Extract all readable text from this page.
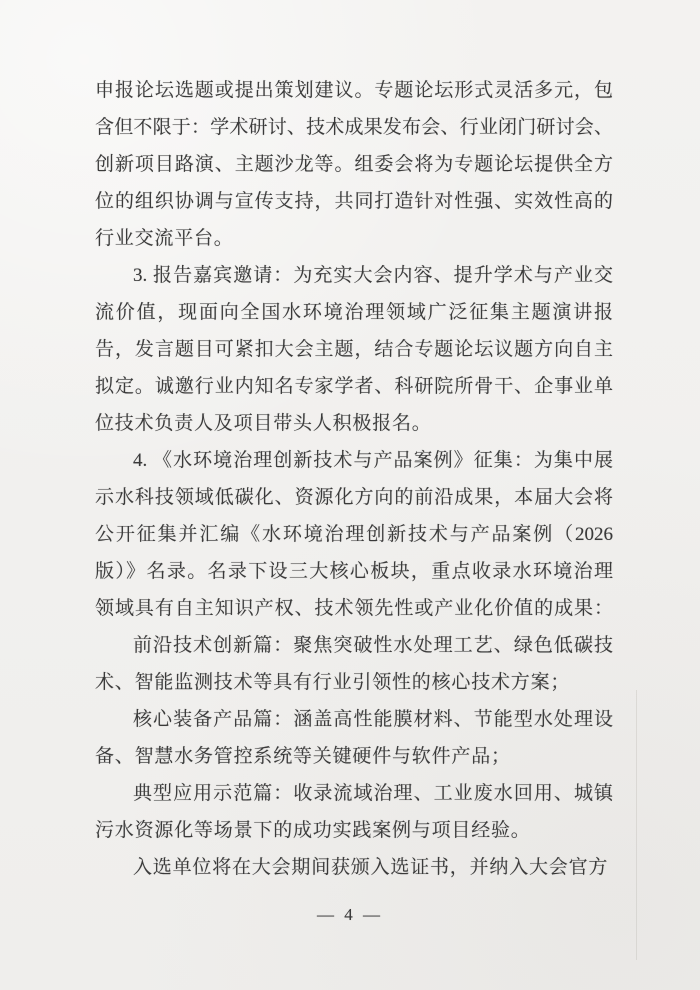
申报论坛选题或提出策划建议。专题论坛形式灵活多元，包
含但不限于：学术研讨、技术成果发布会、行业闭门研讨会、
创新项目路演、主题沙龙等。组委会将为专题论坛提供全方
位的组织协调与宣传支持，共同打造针对性强、实效性高的
行业交流平台。
3. 报告嘉宾邀请：为充实大会内容、提升学术与产业交
流价值，现面向全国水环境治理领域广泛征集主题演讲报
告，发言题目可紧扣大会主题，结合专题论坛议题方向自主
拟定。诚邀行业内知名专家学者、科研院所骨干、企事业单
位技术负责人及项目带头人积极报名。
4. 《水环境治理创新技术与产品案例》征集：为集中展
示水科技领域低碳化、资源化方向的前沿成果，本届大会将
公开征集并汇编《水环境治理创新技术与产品案例（2026
版）》名录。名录下设三大核心板块，重点收录水环境治理
领域具有自主知识产权、技术领先性或产业化价值的成果：
前沿技术创新篇：聚焦突破性水处理工艺、绿色低碳技
术、智能监测技术等具有行业引领性的核心技术方案；
核心装备产品篇：涵盖高性能膜材料、节能型水处理设
备、智慧水务管控系统等关键硬件与软件产品；
典型应用示范篇：收录流域治理、工业废水回用、城镇
污水资源化等场景下的成功实践案例与项目经验。
入选单位将在大会期间获颁入选证书，并纳入大会官方
— 4 —
